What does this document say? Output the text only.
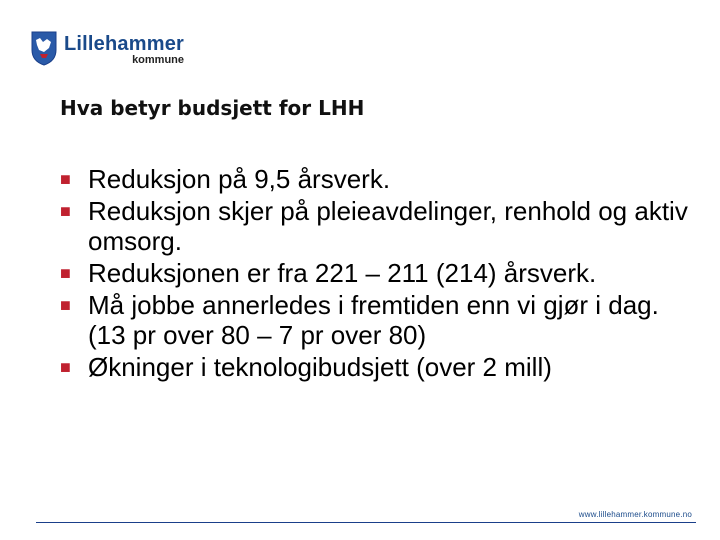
Lillehammer
kommune
Hva betyr budsjett for LHH
■ Reduksjon på 9,5 årsverk.
■ Reduksjon skjer på pleieavdelinger, renhold og aktiv omsorg.
■ Reduksjonen er fra 221 – 211 (214) årsverk.
■ Må jobbe annerledes i fremtiden enn vi gjør i dag. (13 pr over 80 – 7 pr over 80)
■ Økninger i teknologibudsjett (over 2 mill)
www.lillehammer.kommune.no
